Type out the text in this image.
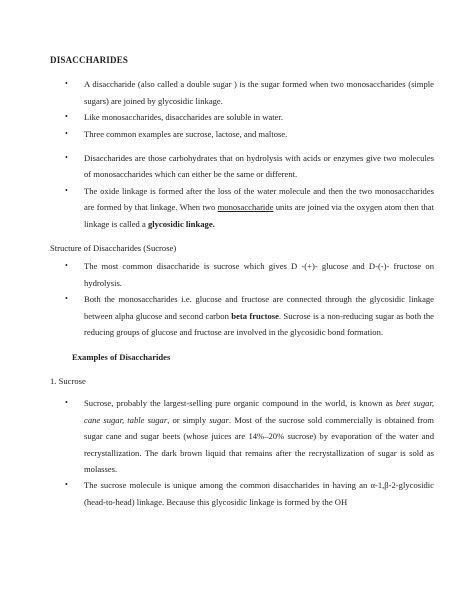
DISACCHARIDES
• A disaccharide (also called a double sugar ) is the sugar formed when two monosaccharides (simple sugars) are joined by glycosidic linkage.
• Like monosaccharides, disaccharides are soluble in water.
• Three common examples are sucrose, lactose, and maltose.
• Disaccharides are those carbohydrates that on hydrolysis with acids or enzymes give two molecules of monosaccharides which can either be the same or different.
• The oxide linkage is formed after the loss of the water molecule and then the two monosaccharides are formed by that linkage. When two monosaccharide units are joined via the oxygen atom then that linkage is called a glycosidic linkage.
Structure of Disaccharides (Sucrose)
• The most common disaccharide is sucrose which gives D -(+)- glucose and D-(-)- fructose on hydrolysis.
• Both the monosaccharides i.e. glucose and fructose are connected through the glycosidic linkage between alpha glucose and second carbon beta fructose. Sucrose is a non-reducing sugar as both the reducing groups of glucose and fructose are involved in the glycosidic bond formation.
Examples of Disaccharides
1. Sucrose
• Sucrose, probably the largest-selling pure organic compound in the world, is known as beet sugar, cane sugar, table sugar, or simply sugar. Most of the sucrose sold commercially is obtained from sugar cane and sugar beets (whose juices are 14%–20% sucrose) by evaporation of the water and recrystallization. The dark brown liquid that remains after the recrystallization of sugar is sold as molasses.
• The sucrose molecule is unique among the common disaccharides in having an α-1,β-2-glycosidic (head-to-head) linkage. Because this glycosidic linkage is formed by the OH
